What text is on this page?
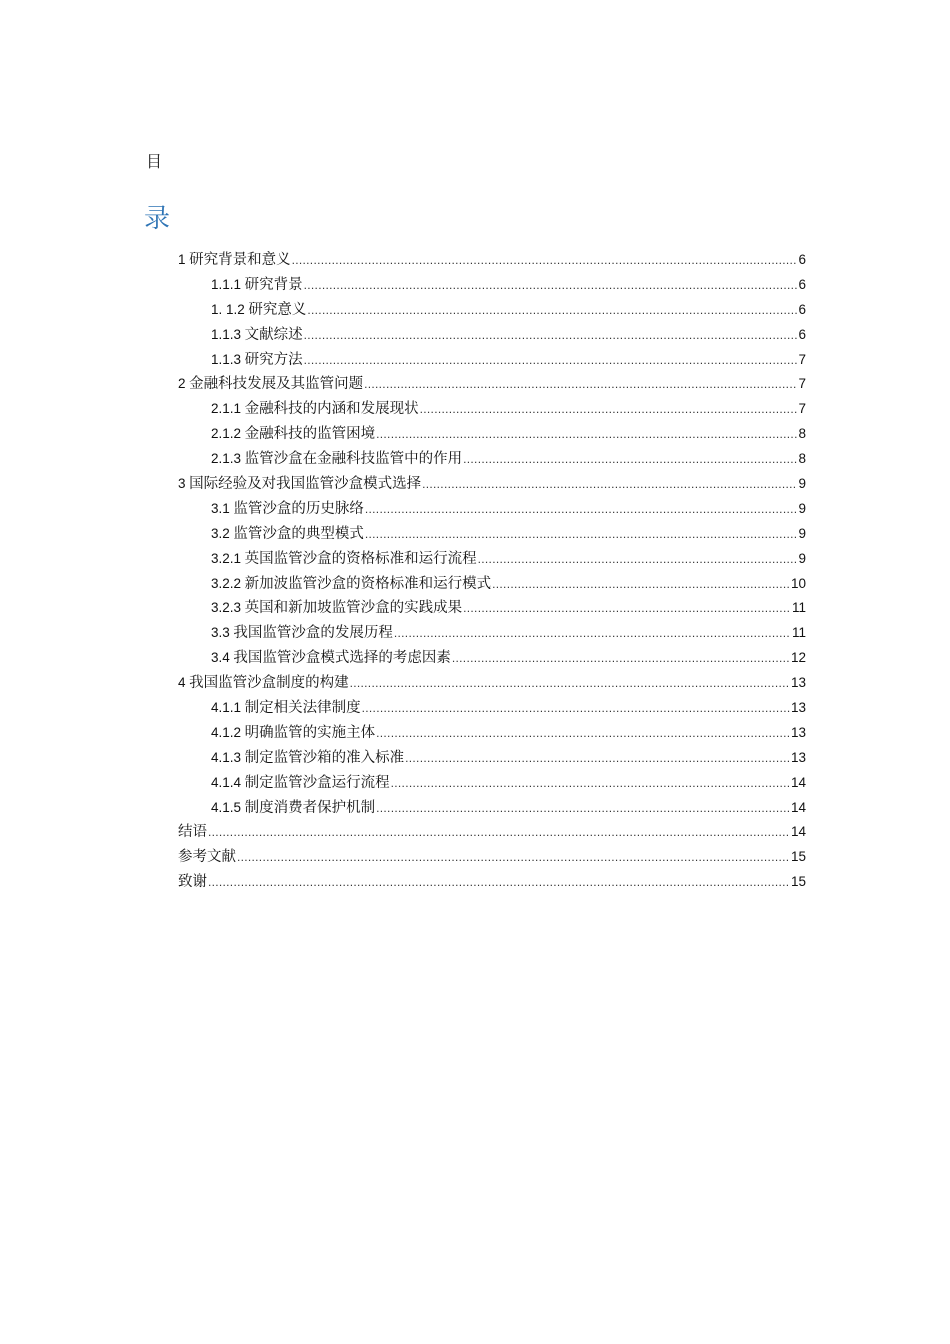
目
录
1 研究背景和意义 .....	6
1.1.1 研究背景 .....	6
1. 1.2 研究意义 .....	6
1.1.3 文献综述 .....	6
1.1.3 研究方法 .....	7
2 金融科技发展及其监管问题 .....	7
2.1.1 金融科技的内涵和发展现状 .....	7
2.1.2 金融科技的监管困境 .....	8
2.1.3 监管沙盒在金融科技监管中的作用 .....	8
3 国际经验及对我国监管沙盒模式选择 .....	9
3.1 监管沙盒的历史脉络 .....	9
3.2 监管沙盒的典型模式 .....	9
3.2.1 英国监管沙盒的资格标准和运行流程 .....	9
3.2.2 新加波监管沙盒的资格标准和运行模式 .....	10
3.2.3 英国和新加坡监管沙盒的实践成果 .....	11
3.3 我国监管沙盒的发展历程 .....	11
3.4 我国监管沙盒模式选择的考虑因素 .....	12
4 我国监管沙盒制度的构建 .....	13
4.1.1 制定相关法律制度 .....	13
4.1.2 明确监管的实施主体 .....	13
4.1.3 制定监管沙箱的准入标准 .....	13
4.1.4 制定监管沙盒运行流程 .....	14
4.1.5 制度消费者保护机制 .....	14
结语 .....	14
参考文献 .....	15
致谢 .....	15
